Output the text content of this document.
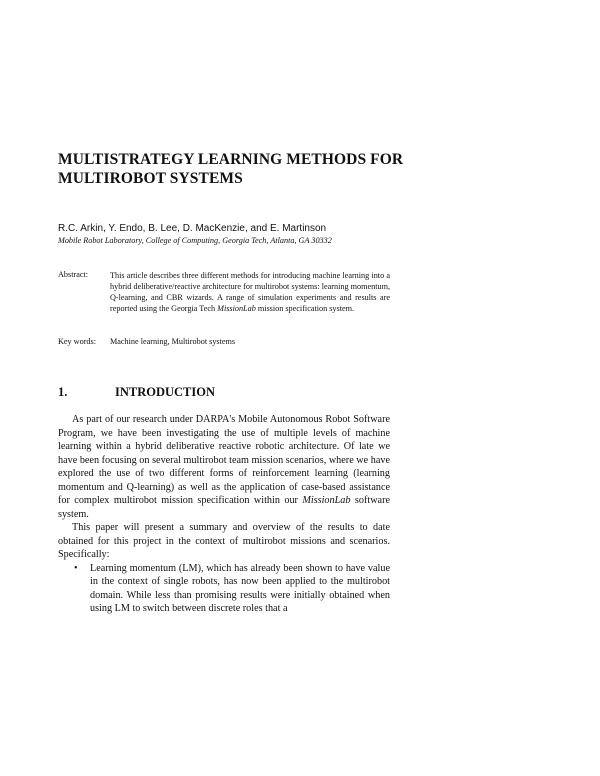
MULTISTRATEGY LEARNING METHODS FOR
MULTIROBOT SYSTEMS
R.C. Arkin, Y. Endo, B. Lee, D. MacKenzie, and E. Martinson
Mobile Robot Laboratory, College of Computing, Georgia Tech, Atlanta, GA 30332
Abstract:	This article describes three different methods for introducing machine learning into a hybrid deliberative/reactive architecture for multirobot systems: learning momentum, Q-learning, and CBR wizards. A range of simulation experiments and results are reported using the Georgia Tech MissionLab mission specification system.

Key words: Machine learning, Multirobot systems
1.	INTRODUCTION

As part of our research under DARPA's Mobile Autonomous Robot Software Program, we have been investigating the use of multiple levels of machine learning within a hybrid deliberative reactive robotic architecture. Of late we have been focusing on several multirobot team mission scenarios, where we have explored the use of two different forms of reinforcement learning (learning momentum and Q-learning) as well as the application of case-based assistance for complex multirobot mission specification within our MissionLab software system.

This paper will present a summary and overview of the results to date obtained for this project in the context of multirobot missions and scenarios. Specifically:

• Learning momentum (LM), which has already been shown to have value in the context of single robots, has now been applied to the multirobot domain. While less than promising results were initially obtained when using LM to switch between discrete roles that a
